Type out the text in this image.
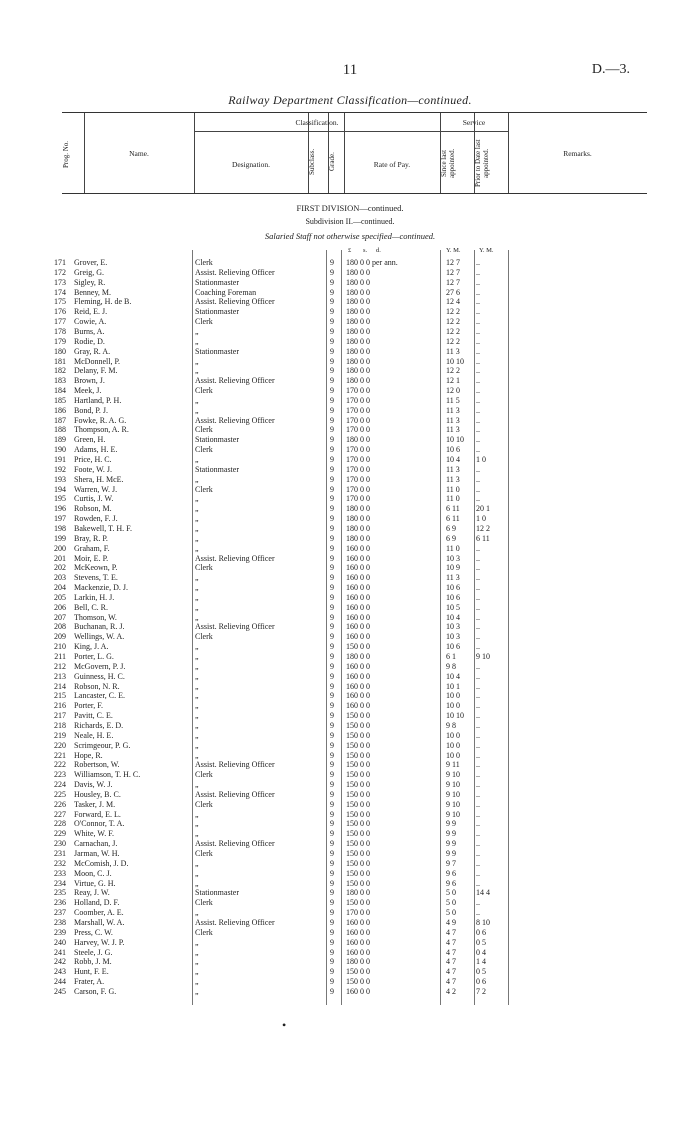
11	D.—3.
Railway Department Classification—continued.
Prog. No.	Name.
Classification.
Designation.	Subclass.	Grade.	Rate of Pay.
Service
Since last appointed.	Prior to Date last appointed.	Remarks.
FIRST DIVISION—continued.
Subdivision II.—continued.
Salaried Staff not otherwise specified—continued.
£ s. d.	Y. M.	Y. M.
171 Grover, E.	Clerk	9 180 0 0 per ann.	12 7	..
172 Greig, G.	Assist. Relieving Officer	9 180 0 0	12 7	..
173 Sigley, R.	Stationmaster	9 180 0 0	12 7	..
174 Benney, M.	Coaching Foreman	9 180 0 0	27 6	..
175 Fleming, H. de B.	Assist. Relieving Officer	9 180 0 0	12 4	..
176 Reid, E. J.	Stationmaster	9 180 0 0	12 2	..
177 Cowie, A.	Clerk	9 180 0 0	12 2	..
178 Burns, A.	„	9 180 0 0	12 2	..
179 Rodie, D.	„	9 180 0 0	12 2	..
180 Gray, R. A.	Stationmaster	9 180 0 0	11 3	..
181 McDonnell, P.	„	9 180 0 0	10 10	..
182 Delany, F. M.	„	9 180 0 0	12 2	..
183 Brown, J.	Assist. Relieving Officer	9 180 0 0	12 1	..
184 Meek, J.	Clerk	9 170 0 0	12 0	..
185 Hartland, P. H.	„	9 170 0 0	11 5	..
186 Bond, P. J.	„	9 170 0 0	11 3	..
187 Fowke, R. A. G.	Assist. Relieving Officer	9 170 0 0	11 3	..
188 Thompson, A. R.	Clerk	9 170 0 0	11 3	..
189 Green, H.	Stationmaster	9 180 0 0	10 10	..
190 Adams, H. E.	Clerk	9 170 0 0	10 6	..
191 Price, H. C.	„	9 170 0 0	10 4	1 0
192 Foote, W. J.	Stationmaster	9 170 0 0	11 3	..
193 Shera, H. McE.	„	9 170 0 0	11 3	..
194 Warren, W. J.	Clerk	9 170 0 0	11 0	..
195 Curtis, J. W.	„	9 170 0 0	11 0	..
196 Robson, M.	„	9 180 0 0	6 11	20 1
197 Rowden, F. J.	„	9 180 0 0	6 11	1 0
198 Bakewell, T. H. F.	„	9 180 0 0	6 9	12 2
199 Bray, R. P.	„	9 180 0 0	6 9	6 11
200 Graham, F.	„	9 160 0 0	11 0	..
201 Moir, E. P.	Assist. Relieving Officer	9 160 0 0	10 3	..
202 McKeown, P.	Clerk	9 160 0 0	10 9	..
203 Stevens, T. E.	„	9 160 0 0	11 3	..
204 Mackenzie, D. J.	„	9 160 0 0	10 6	..
205 Larkin, H. J.	„	9 160 0 0	10 6	..
206 Bell, C. R.	„	9 160 0 0	10 5	..
207 Thomson, W.	„	9 160 0 0	10 4	..
208 Buchanan, R. J.	Assist. Relieving Officer	9 160 0 0	10 3	..
209 Wellings, W. A.	Clerk	9 160 0 0	10 3	..
210 King, J. A.	„	9 150 0 0	10 6	..
211 Porter, L. G.	„	9 180 0 0	6 1	9 10
212 McGovern, P. J.	„	9 160 0 0	9 8	..
213 Guinness, H. C.	„	9 160 0 0	10 4	..
214 Robson, N. R.	„	9 160 0 0	10 1	..
215 Lancaster, C. E.	„	9 160 0 0	10 0	..
216 Porter, F.	„	9 160 0 0	10 0	..
217 Pavitt, C. E.	„	9 150 0 0	10 10	..
218 Richards, E. D.	„	9 150 0 0	9 8	..
219 Neale, H. E.	„	9 150 0 0	10 0	..
220 Scrimgeour, P. G.	„	9 150 0 0	10 0	..
221 Hope, R.	„	9 150 0 0	10 0	..
222 Robertson, W.	Assist. Relieving Officer	9 150 0 0	9 11	..
223 Williamson, T. H. C.	Clerk	9 150 0 0	9 10	..
224 Davis, W. J.	„	9 150 0 0	9 10	..
225 Housley, B. C.	Assist. Relieving Officer	9 150 0 0	9 10	..
226 Tasker, J. M.	Clerk	9 150 0 0	9 10	..
227 Forward, E. L.	„	9 150 0 0	9 10	..
228 O'Connor, T. A.	„	9 150 0 0	9 9	..
229 White, W. F.	„	9 150 0 0	9 9	..
230 Carnachan, J.	Assist. Relieving Officer	9 150 0 0	9 9	..
231 Jarman, W. H.	Clerk	9 150 0 0	9 9	..
232 McComish, J. D.	„	9 150 0 0	9 7	..
233 Moon, C. J.	„	9 150 0 0	9 6	..
234 Virtue, G. H.	„	9 150 0 0	9 6	..
235 Reay, J. W.	Stationmaster	9 180 0 0	5 0	14 4
236 Holland, D. F.	Clerk	9 150 0 0	5 0	..
237 Coomber, A. E.	„	9 170 0 0	5 0	..
238 Marshall, W. A.	Assist. Relieving Officer	9 160 0 0	4 9	8 10
239 Press, C. W.	Clerk	9 160 0 0	4 7	0 6
240 Harvey, W. J. P.	„	9 160 0 0	4 7	0 5
241 Steele, J. G.	„	9 160 0 0	4 7	0 4
242 Robb, J. M.	„	9 180 0 0	4 7	1 4
243 Hunt, F. E.	„	9 150 0 0	4 7	0 5
244 Frater, A.	„	9 150 0 0	4 7	0 6
245 Carson, F. G.	„	9 160 0 0	4 2	7 2
•
